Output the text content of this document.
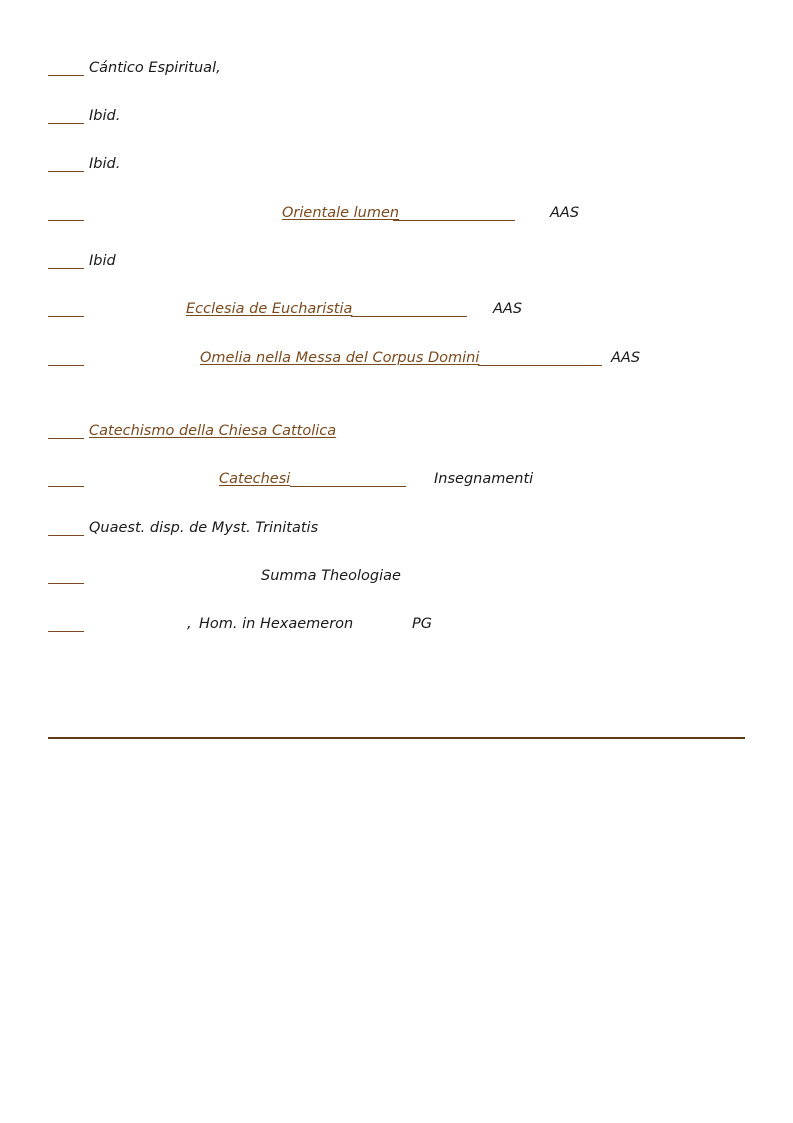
Cántico Espiritual,
Ibid.
Ibid.
Orientale lumen	AAS
Ibid
Ecclesia de Eucharistia	AAS
Omelia nella Messa del Corpus Domini	AAS
Catechismo della Chiesa Cattolica
Catechesi	Insegnamenti
Quaest. disp. de Myst. Trinitatis
Summa Theologiae
, Hom. in Hexaemeron	PG
